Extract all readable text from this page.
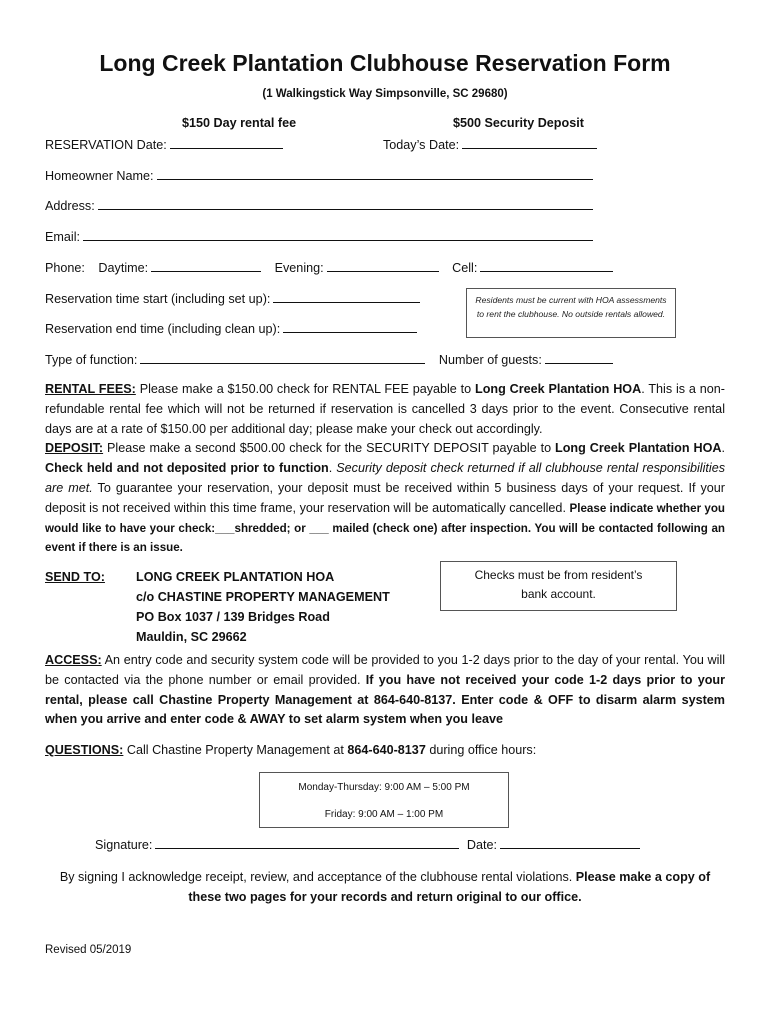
Long Creek Plantation Clubhouse Reservation Form
(1 Walkingstick Way Simpsonville, SC 29680)
$150 Day rental fee	$500 Security Deposit
RESERVATION Date:	Today’s Date:
Homeowner Name:
Address:
Email:
Phone: Daytime:	Evening:	Cell:
Reservation time start (including set up):
Reservation end time (including clean up):
Residents must be current with HOA assessments to rent the clubhouse. No outside rentals allowed.
Type of function:	Number of guests:
RENTAL FEES: Please make a $150.00 check for RENTAL FEE payable to Long Creek Plantation HOA. This is a non-refundable rental fee which will not be returned if reservation is cancelled 3 days prior to the event. Consecutive rental days are at a rate of $150.00 per additional day; please make your check out accordingly.
DEPOSIT: Please make a second $500.00 check for the SECURITY DEPOSIT payable to Long Creek Plantation HOA. Check held and not deposited prior to function. Security deposit check returned if all clubhouse rental responsibilities are met. To guarantee your reservation, your deposit must be received within 5 business days of your request. If your deposit is not received within this time frame, your reservation will be automatically cancelled. Please indicate whether you would like to have your check:___shredded; or ___ mailed (check one) after inspection. You will be contacted following an event if there is an issue.
SEND TO: LONG CREEK PLANTATION HOA
c/o CHASTINE PROPERTY MANAGEMENT
PO Box 1037 / 139 Bridges Road
Mauldin, SC 29662
Checks must be from resident’s bank account.
ACCESS: An entry code and security system code will be provided to you 1-2 days prior to the day of your rental. You will be contacted via the phone number or email provided. If you have not received your code 1-2 days prior to your rental, please call Chastine Property Management at 864-640-8137. Enter code & OFF to disarm alarm system when you arrive and enter code & AWAY to set alarm system when you leave
QUESTIONS: Call Chastine Property Management at 864-640-8137 during office hours:
Monday-Thursday: 9:00 AM – 5:00 PM
Friday: 9:00 AM – 1:00 PM
Signature:	Date:
By signing I acknowledge receipt, review, and acceptance of the clubhouse rental violations. Please make a copy of these two pages for your records and return original to our office.
Revised 05/2019
